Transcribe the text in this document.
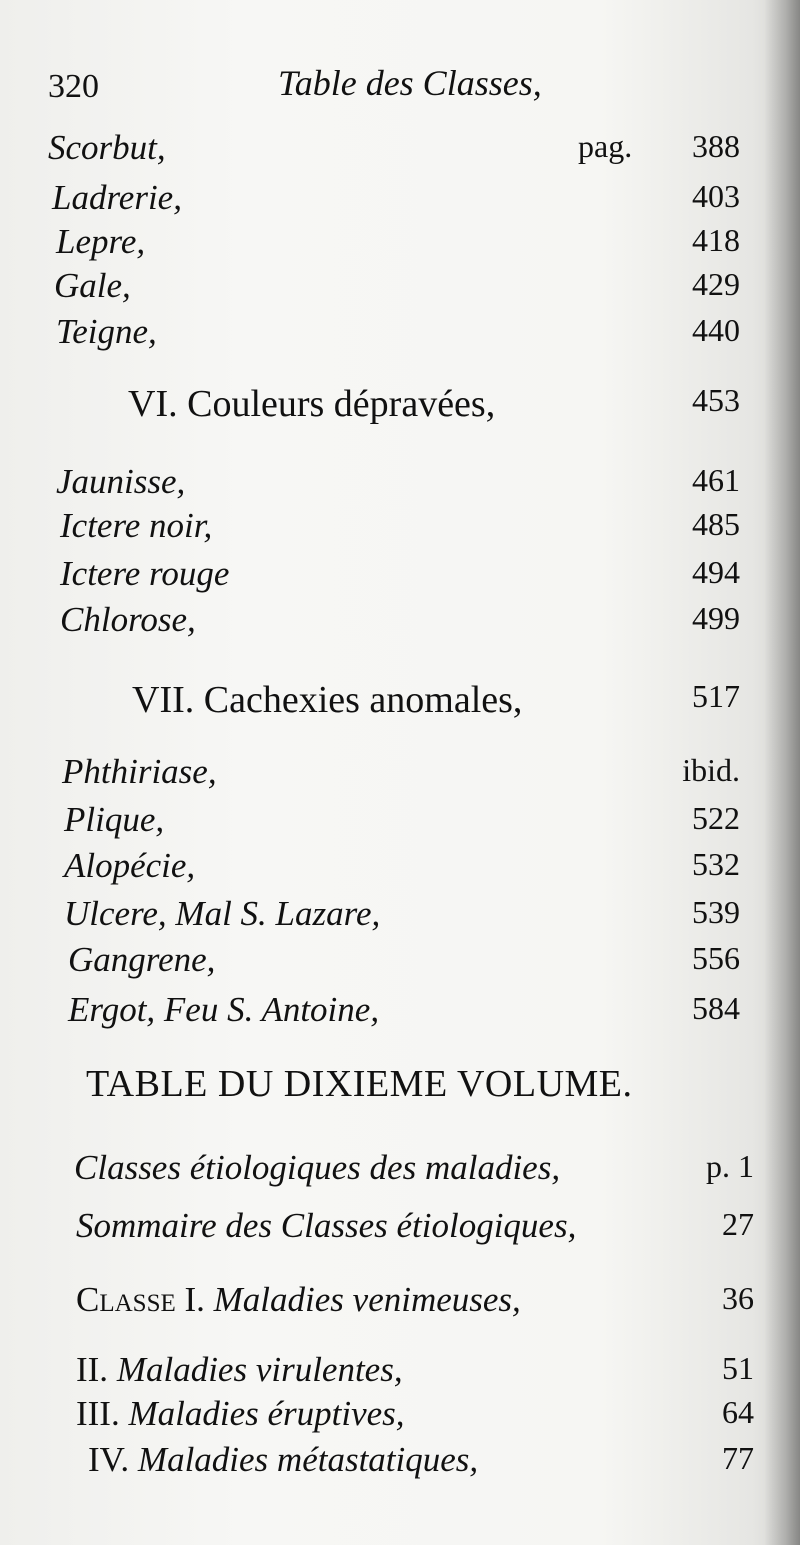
320	Table des Classes,
Scorbut,	pag. 388
Ladrerie,	403
Lepre,	418
Gale,	429
Teigne,	440
VI. Couleurs dépravées,	453
Jaunisse,	461
Ictere noir,	485
Ictere rouge	494
Chlorose,	499
VII. Cachexies anomales,	517
Phthiriase,	ibid.
Plique,	522
Alopécie,	532
Ulcere, Mal S. Lazare,	539
Gangrene,	556
Ergot, Feu S. Antoine,	584
TABLE DU DIXIEME VOLUME.
Classes étiologiques des maladies,	p. 1
Sommaire des Classes étiologiques,	27
Classe I. Maladies venimeuses,	36
II. Maladies virulentes,	51
III. Maladies éruptives,	64
IV. Maladies métastatiques,	77
